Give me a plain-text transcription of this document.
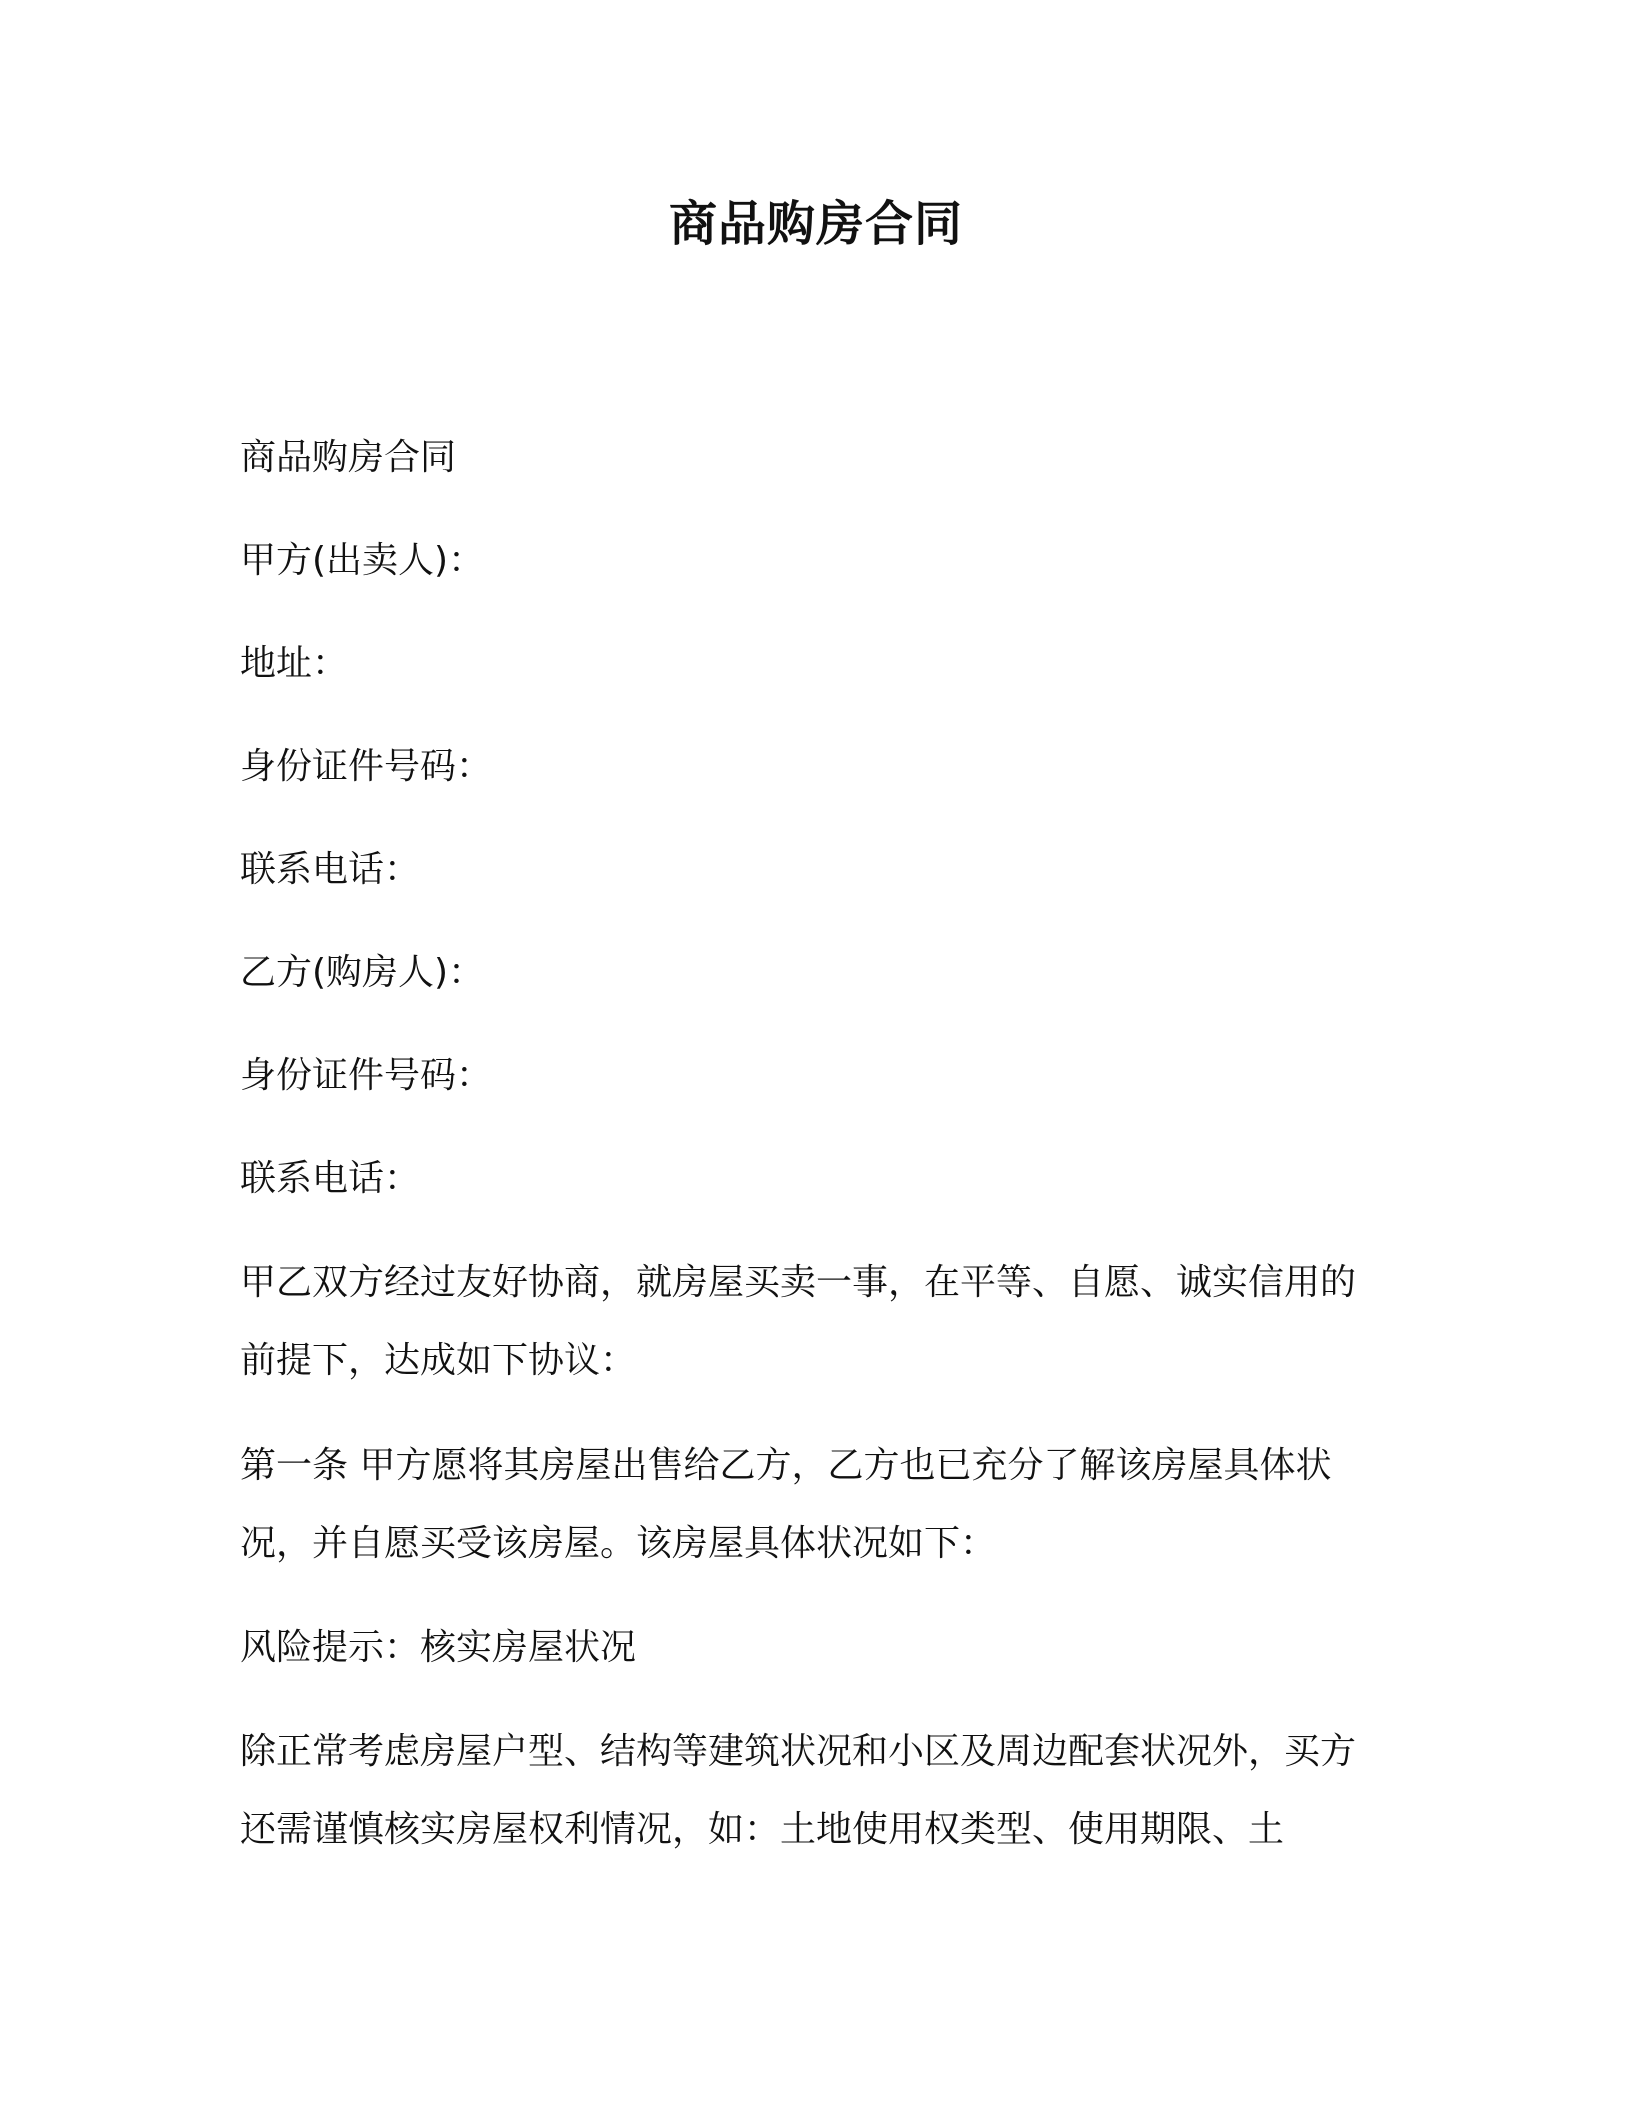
商品购房合同

商品购房合同

甲方(出卖人)：

地址：

身份证件号码：

联系电话：

乙方(购房人)：

身份证件号码：

联系电话：

甲乙双方经过友好协商，就房屋买卖一事，在平等、自愿、诚实信用的前提下，达成如下协议：

第一条 甲方愿将其房屋出售给乙方，乙方也已充分了解该房屋具体状况，并自愿买受该房屋。该房屋具体状况如下：

风险提示：核实房屋状况

除正常考虑房屋户型、结构等建筑状况和小区及周边配套状况外，买方还需谨慎核实房屋权利情况，如：土地使用权类型、使用期限、土
